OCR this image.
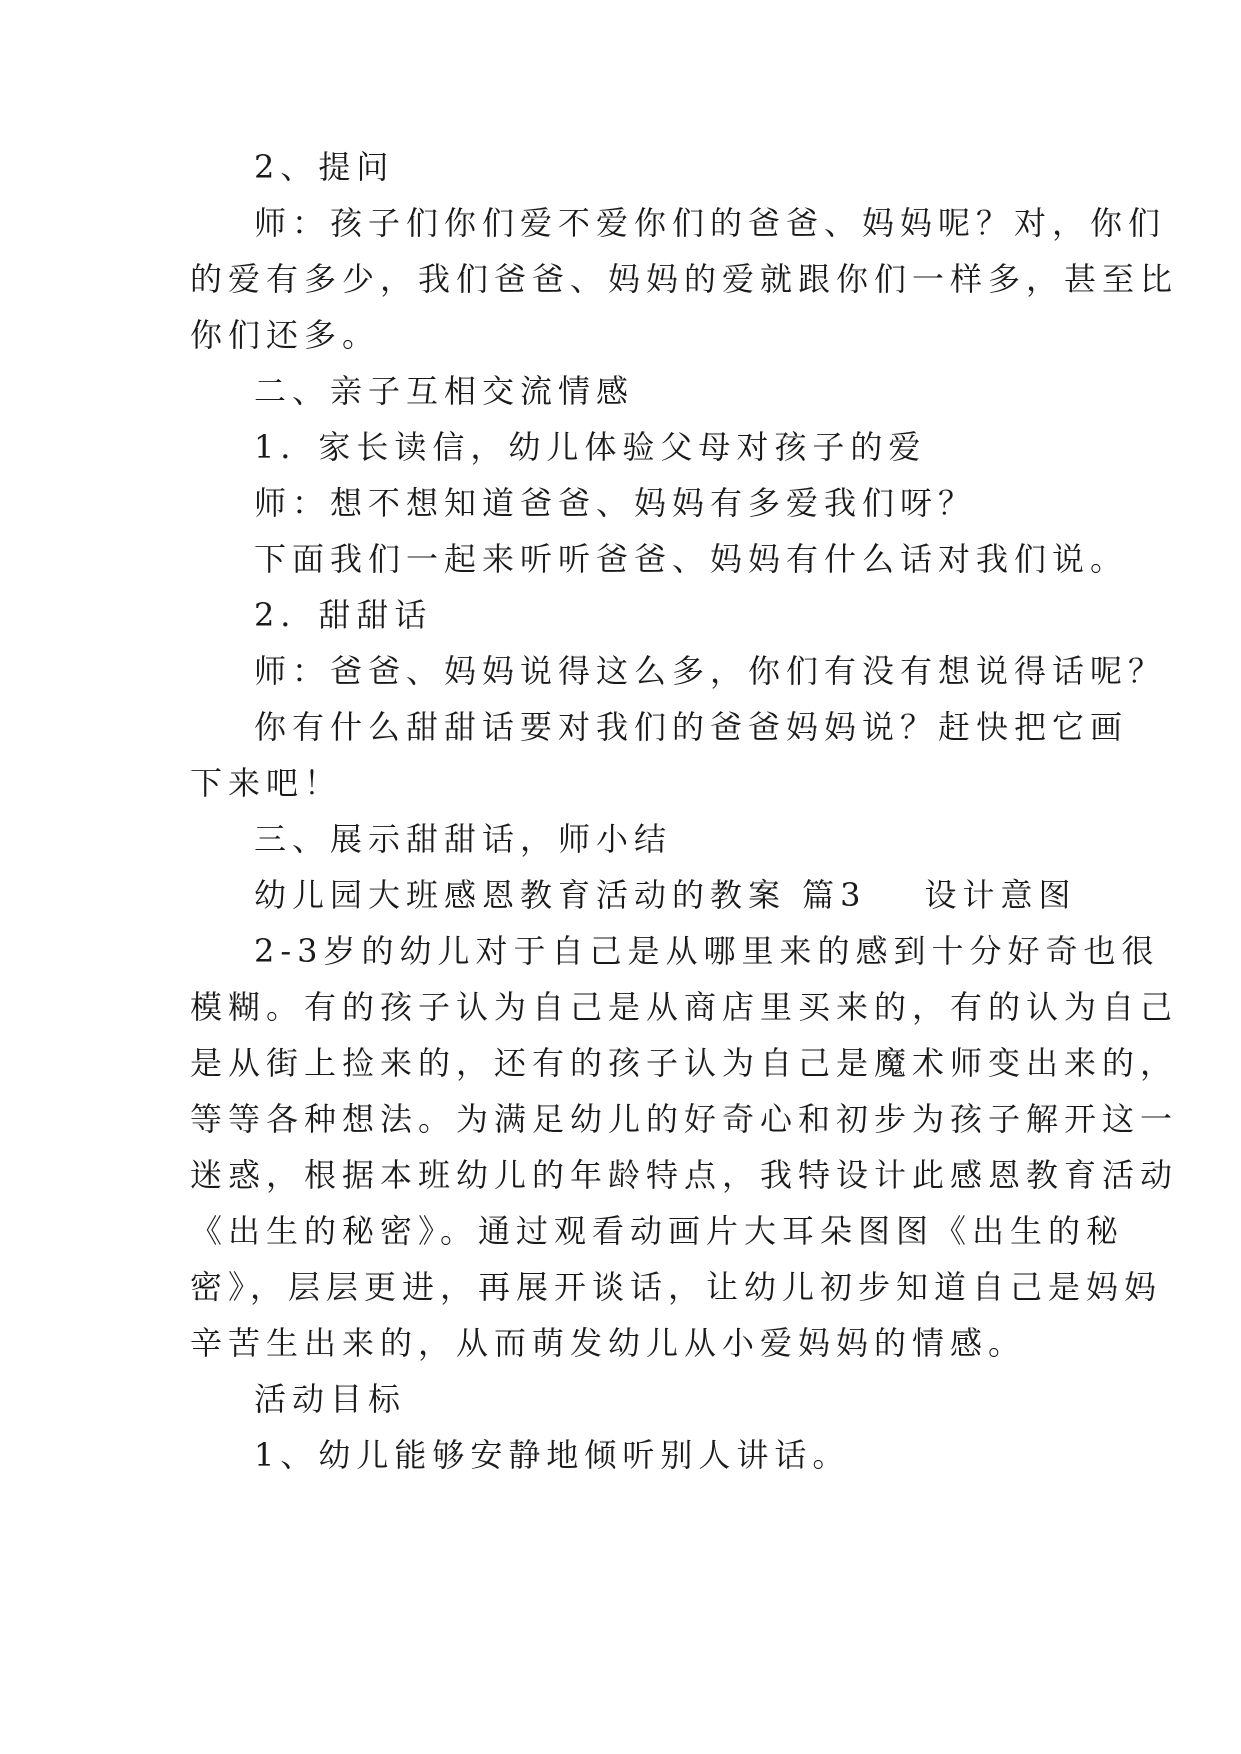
2、提问
师：孩子们你们爱不爱你们的爸爸、妈妈呢？对，你们
的爱有多少，我们爸爸、妈妈的爱就跟你们一样多，甚至比
你们还多。
二、亲子互相交流情感
1．家长读信，幼儿体验父母对孩子的爱
师：想不想知道爸爸、妈妈有多爱我们呀？
下面我们一起来听听爸爸、妈妈有什么话对我们说。
2．甜甜话
师：爸爸、妈妈说得这么多，你们有没有想说得话呢？
你有什么甜甜话要对我们的爸爸妈妈说？赶快把它画
下来吧！
三、展示甜甜话，师小结
幼儿园大班感恩教育活动的教案 篇3 设计意图
2-3岁的幼儿对于自己是从哪里来的感到十分好奇也很
模糊。有的孩子认为自己是从商店里买来的，有的认为自己
是从街上捡来的，还有的孩子认为自己是魔术师变出来的，
等等各种想法。为满足幼儿的好奇心和初步为孩子解开这一
迷惑，根据本班幼儿的年龄特点，我特设计此感恩教育活动
《出生的秘密》。通过观看动画片大耳朵图图《出生的秘
密》，层层更进，再展开谈话，让幼儿初步知道自己是妈妈
辛苦生出来的，从而萌发幼儿从小爱妈妈的情感。
活动目标
1、幼儿能够安静地倾听别人讲话。
